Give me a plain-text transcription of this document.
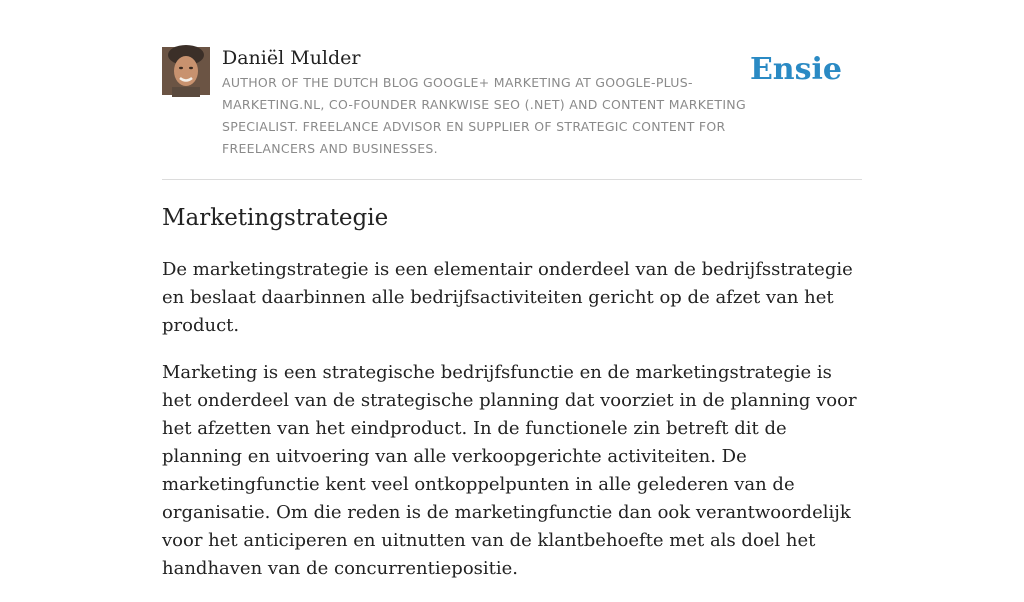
Daniël Mulder
AUTHOR OF THE DUTCH BLOG GOOGLE+ MARKETING AT GOOGLE-PLUS-MARKETING.NL, CO-FOUNDER RANKWISE SEO (.NET) AND CONTENT MARKETING SPECIALIST. FREELANCE ADVISOR EN SUPPLIER OF STRATEGIC CONTENT FOR FREELANCERS AND BUSINESSES.
Ensie
Marketingstrategie

De marketingstrategie is een elementair onderdeel van de bedrijfsstrategie en beslaat daarbinnen alle bedrijfsactiviteiten gericht op de afzet van het product.

Marketing is een strategische bedrijfsfunctie en de marketingstrategie is het onderdeel van de strategische planning dat voorziet in de planning voor het afzetten van het eindproduct. In de functionele zin betreft dit de planning en uitvoering van alle verkoopgerichte activiteiten. De marketingfunctie kent veel ontkoppelpunten in alle gelederen van de organisatie. Om die reden is de marketingfunctie dan ook verantwoordelijk voor het anticiperen en uitnutten van de klantbehoefte met als doel het handhaven van de concurrentiepositie.
